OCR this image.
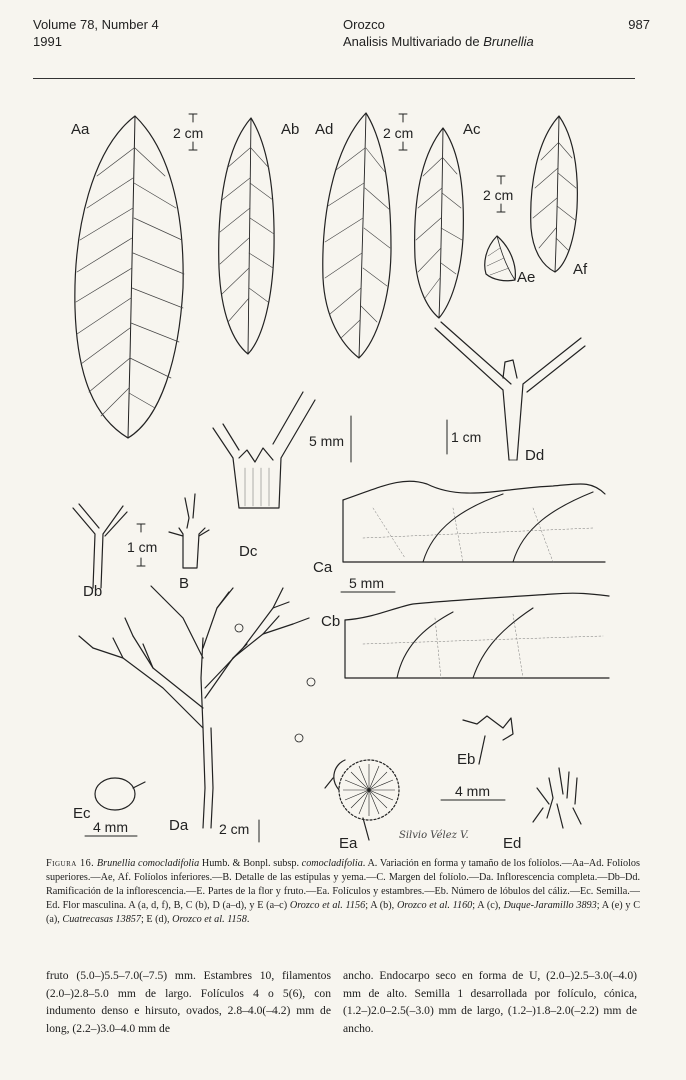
Volume 78, Number 4
1991
Orozco
Analisis Multivariado de Brunellia
987
Aa	Ab Ad	Ac
Ae	Af
B
Ca
Cb
Da
Db
Dc
Dd
Ea
Eb
Ec
Ed
2 cm	2 cm
2 cm
5 mm	1 cm
1 cm
5 mm
4 mm
4 mm	2 cm	Silvio Vélez V.
Figura 16. Brunellia comocladifolia Humb. & Bonpl. subsp. comocladifolia. A. Variación en forma y tamaño de los folíolos.—Aa–Ad. Folíolos superiores.—Ae, Af. Folíolos inferiores.—B. Detalle de las estípulas y yema.—C. Margen del folíolo.—Da. Inflorescencia completa.—Db–Dd. Ramificación de la inflorescencia.—E. Partes de la flor y fruto.—Ea. Folículos y estambres.—Eb. Número de lóbulos del cáliz.—Ec. Semilla.—Ed. Flor masculina. A (a, d, f), B, C (b), D (a–d), y E (a–c) Orozco et al. 1156; A (b), Orozco et al. 1160; A (c), Duque-Jaramillo 3893; A (e) y C (a), Cuatrecasas 13857; E (d), Orozco et al. 1158.
fruto (5.0–)5.5–7.0(–7.5) mm. Estambres 10, filamentos (2.0–)2.8–5.0 mm de largo. Folículos 4 o 5(6), con indumento denso e hirsuto, ovados, 2.8–4.0(–4.2) mm de long, (2.2–)3.0–4.0 mm de
ancho. Endocarpo seco en forma de U, (2.0–)2.5–3.0(–4.0) mm de alto. Semilla 1 desarrollada por folículo, cónica, (1.2–)2.0–2.5(–3.0) mm de largo, (1.2–)1.8–2.0(–2.2) mm de ancho.
